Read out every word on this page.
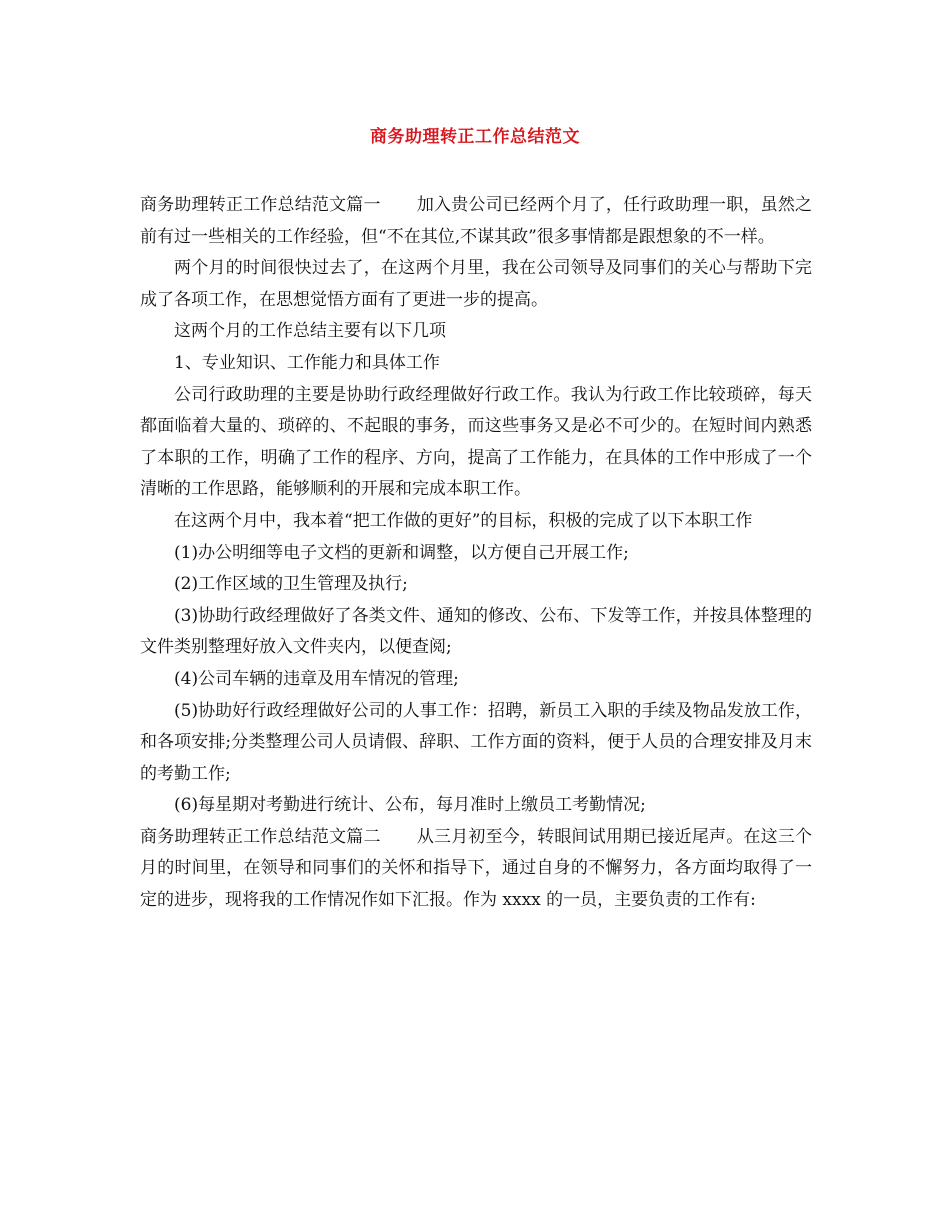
商务助理转正工作总结范文

商务助理转正工作总结范文篇一 加入贵公司已经两个月了，任行政助理一职，虽然之前有过一些相关的工作经验，但“不在其位,不谋其政”很多事情都是跟想象的不一样。

两个月的时间很快过去了，在这两个月里，我在公司领导及同事们的关心与帮助下完成了各项工作，在思想觉悟方面有了更进一步的提高。

这两个月的工作总结主要有以下几项

1、专业知识、工作能力和具体工作

公司行政助理的主要是协助行政经理做好行政工作。我认为行政工作比较琐碎，每天都面临着大量的、琐碎的、不起眼的事务，而这些事务又是必不可少的。在短时间内熟悉了本职的工作，明确了工作的程序、方向，提高了工作能力，在具体的工作中形成了一个清晰的工作思路，能够顺利的开展和完成本职工作。

在这两个月中，我本着“把工作做的更好”的目标，积极的完成了以下本职工作

(1)办公明细等电子文档的更新和调整，以方便自己开展工作;

(2)工作区域的卫生管理及执行;

(3)协助行政经理做好了各类文件、通知的修改、公布、下发等工作，并按具体整理的文件类别整理好放入文件夹内，以便查阅;

(4)公司车辆的违章及用车情况的管理;

(5)协助好行政经理做好公司的人事工作：招聘，新员工入职的手续及物品发放工作，和各项安排;分类整理公司人员请假、辞职、工作方面的资料，便于人员的合理安排及月末的考勤工作;

(6)每星期对考勤进行统计、公布，每月准时上缴员工考勤情况;

商务助理转正工作总结范文篇二 从三月初至今，转眼间试用期已接近尾声。在这三个月的时间里，在领导和同事们的关怀和指导下，通过自身的不懈努力，各方面均取得了一定的进步，现将我的工作情况作如下汇报。作为 xxxx 的一员，主要负责的工作有:
